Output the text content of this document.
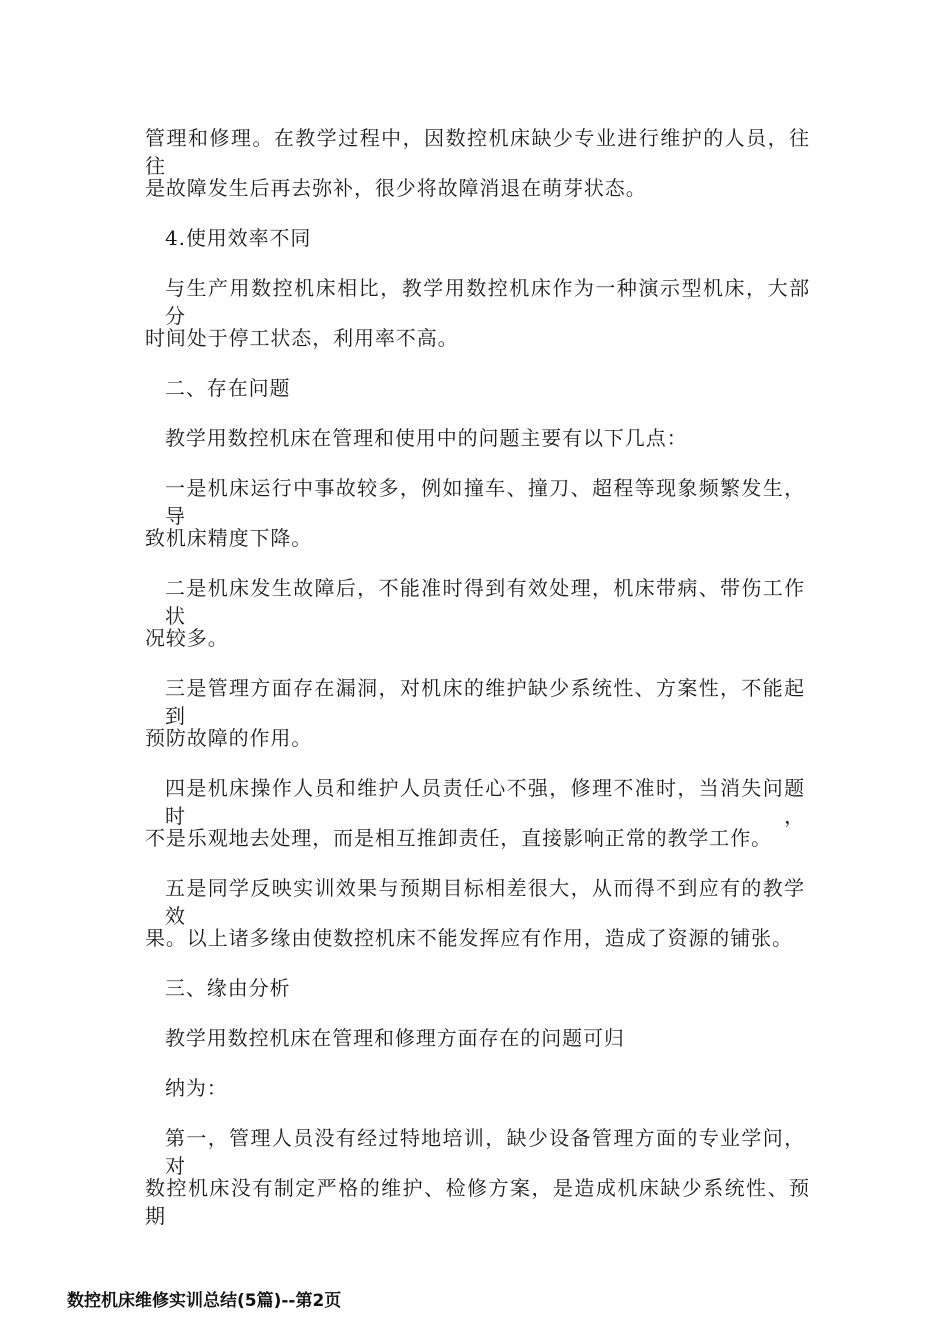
管理和修理。在教学过程中，因数控机床缺少专业进行维护的人员，往往
是故障发生后再去弥补，很少将故障消退在萌芽状态。
4.使用效率不同
与生产用数控机床相比，教学用数控机床作为一种演示型机床，大部分
时间处于停工状态，利用率不高。
二、存在问题
教学用数控机床在管理和使用中的问题主要有以下几点：
一是机床运行中事故较多，例如撞车、撞刀、超程等现象频繁发生，导
致机床精度下降。
二是机床发生故障后，不能准时得到有效处理，机床带病、带伤工作状
况较多。
三是管理方面存在漏洞，对机床的维护缺少系统性、方案性，不能起到
预防故障的作用。
四是机床操作人员和维护人员责任心不强，修理不准时，当消失问题时，
不是乐观地去处理，而是相互推卸责任，直接影响正常的教学工作。
五是同学反映实训效果与预期目标相差很大，从而得不到应有的教学效
果。以上诸多缘由使数控机床不能发挥应有作用，造成了资源的铺张。
三、缘由分析
教学用数控机床在管理和修理方面存在的问题可归
纳为：
第一，管理人员没有经过特地培训，缺少设备管理方面的专业学问，对
数控机床没有制定严格的维护、检修方案，是造成机床缺少系统性、预期
数控机床维修实训总结(5篇)--第2页
